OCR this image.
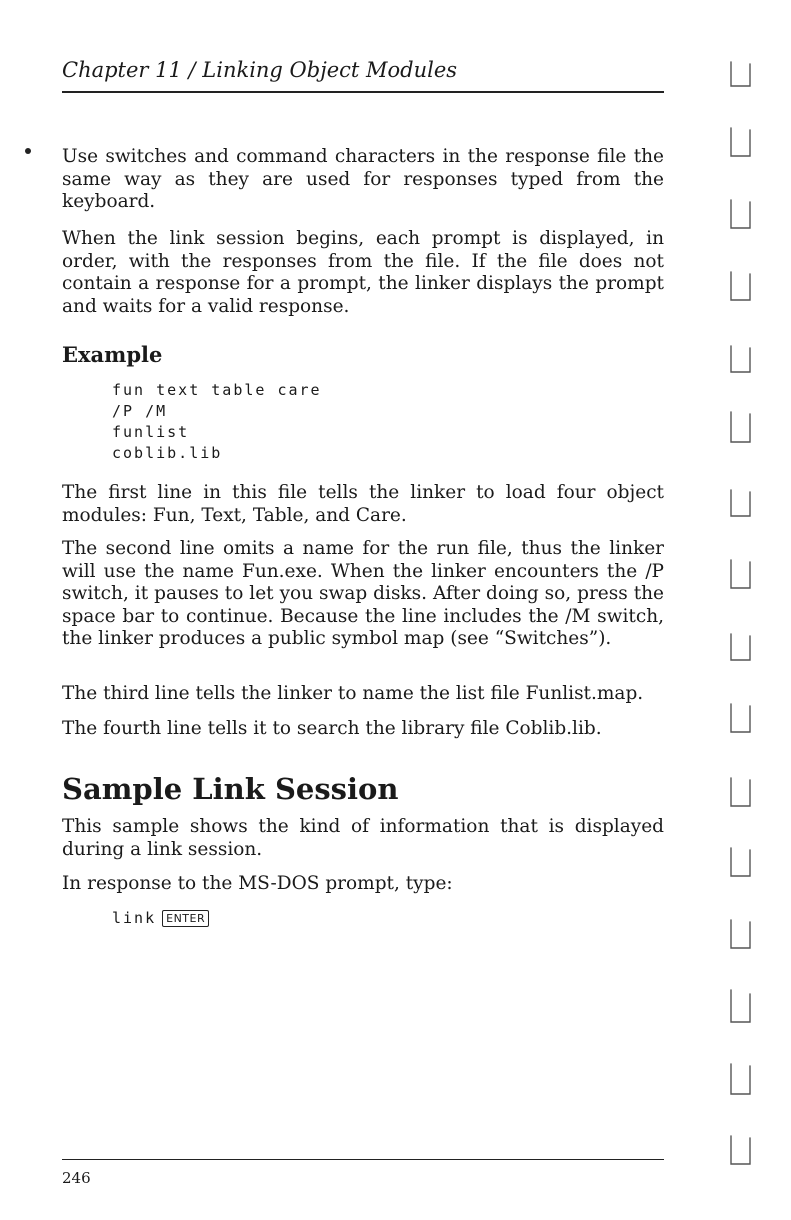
Chapter 11 / Linking Object Modules

Use switches and command characters in the response file the same way as they are used for responses typed from the keyboard.

When the link session begins, each prompt is displayed, in order, with the responses from the file. If the file does not contain a response for a prompt, the linker displays the prompt and waits for a valid response.

Example
fun text table care
/P /M
funlist
coblib.lib

The first line in this file tells the linker to load four object modules: Fun, Text, Table, and Care.

The second line omits a name for the run file, thus the linker will use the name Fun.exe. When the linker encounters the /P switch, it pauses to let you swap disks. After doing so, press the space bar to continue. Because the line includes the /M switch, the linker produces a public symbol map (see “Switches”).

The third line tells the linker to name the list file Funlist.map.

The fourth line tells it to search the library file Coblib.lib.

Sample Link Session

This sample shows the kind of information that is displayed during a link session.

In response to the MS-DOS prompt, type:

link ENTER
246
